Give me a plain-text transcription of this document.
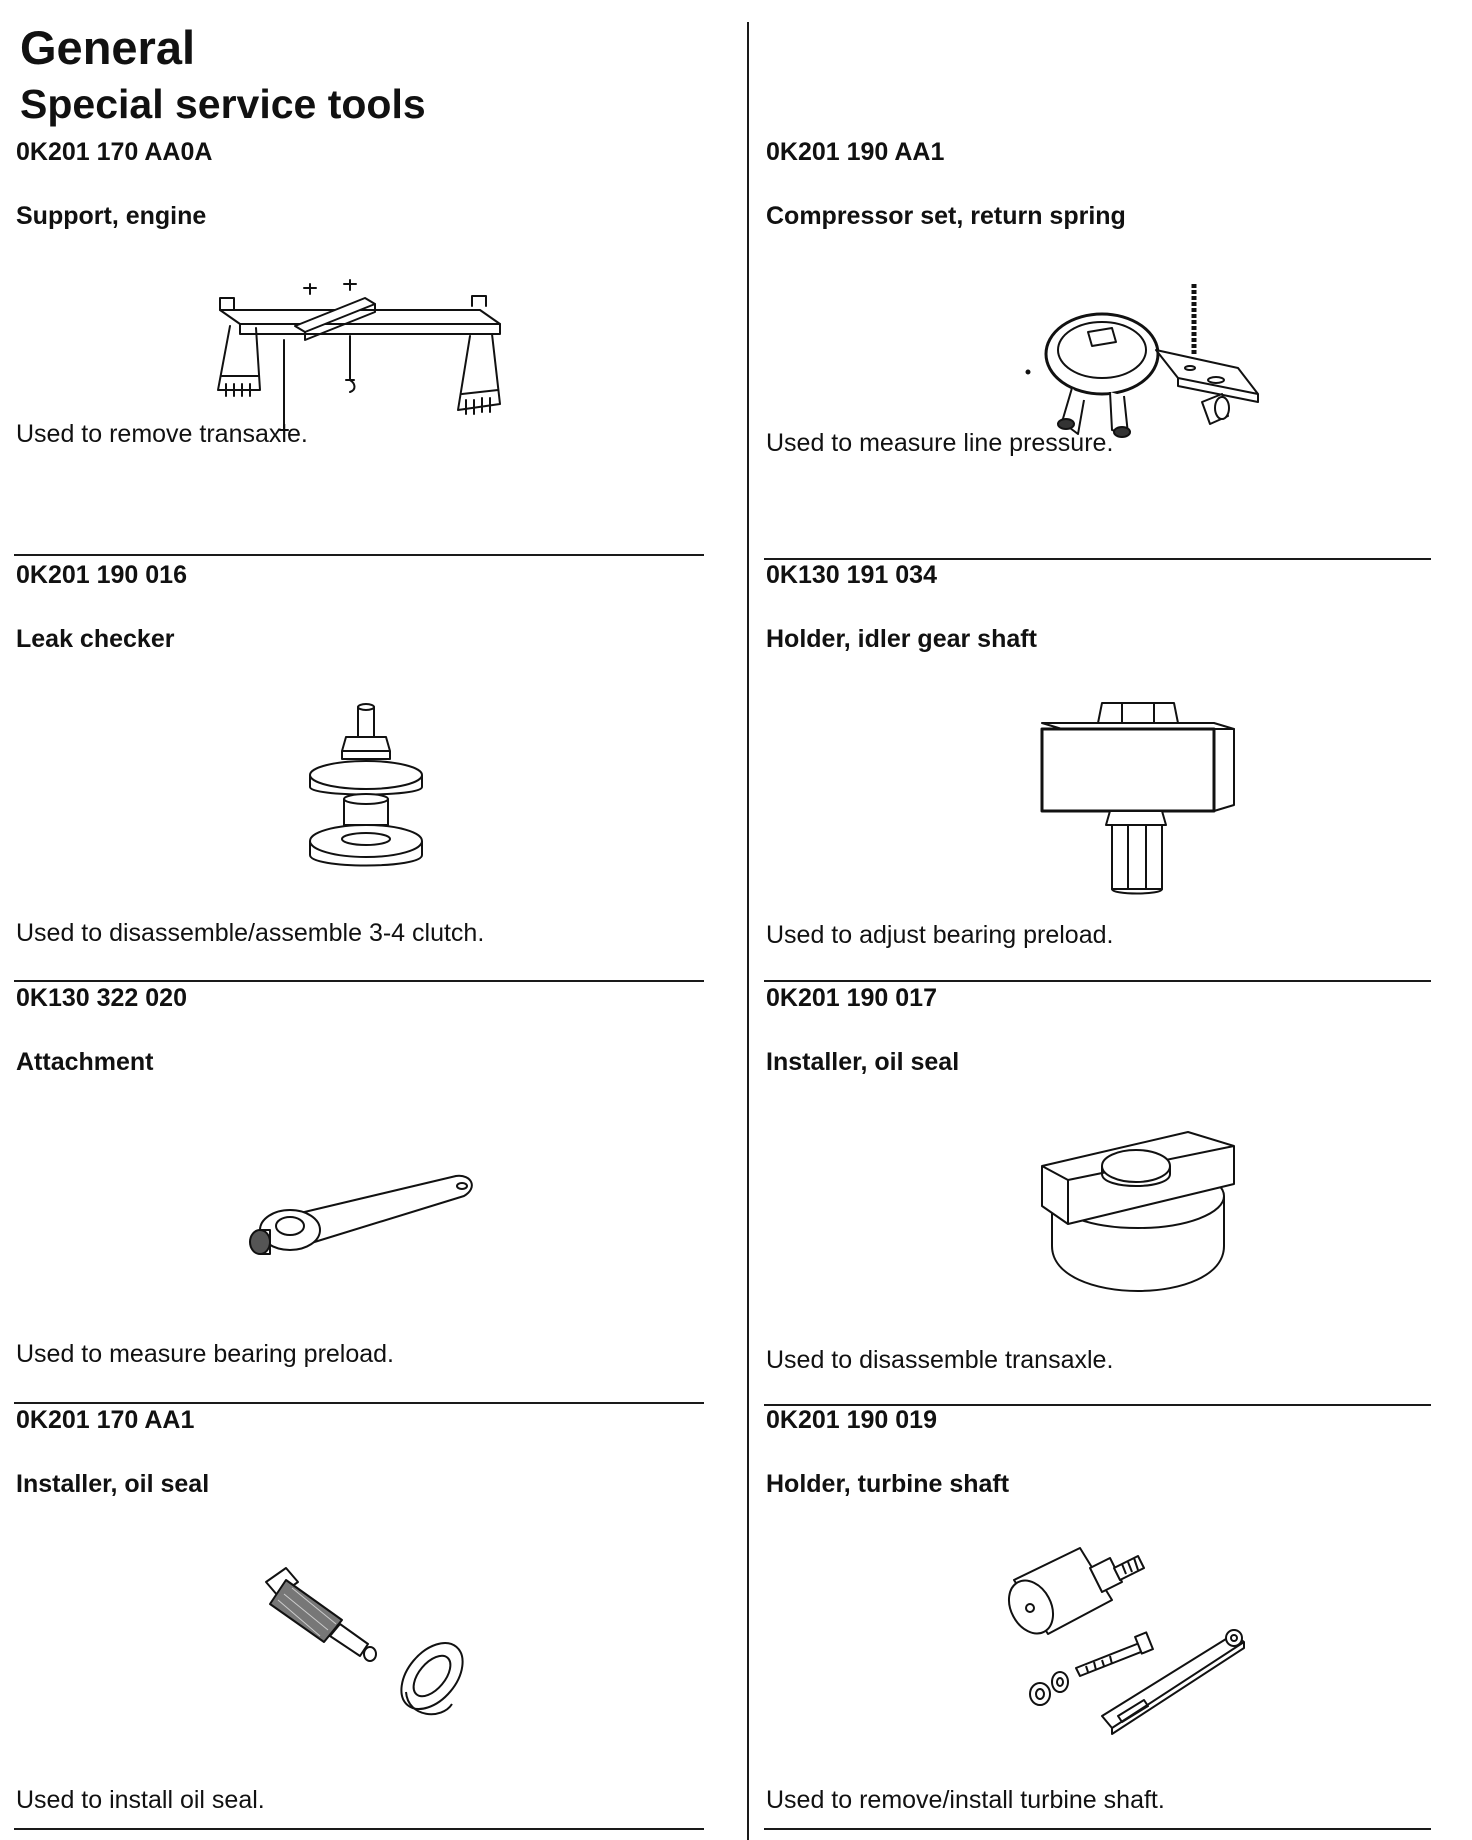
General
Special service tools
0K201 170 AA0A
Support, engine
Used to remove transaxle.
0K201 190 016
Leak checker
Used to disassemble/assemble 3-4 clutch.
0K130 322 020
Attachment
Used to measure bearing preload.
0K201 170 AA1
Installer, oil seal
Used to install oil seal.
0K201 190 AA1
Compressor set, return spring
Used to measure line pressure.
0K130 191 034
Holder, idler gear shaft
Used to adjust bearing preload.
0K201 190 017
Installer, oil seal
Used to disassemble transaxle.
0K201 190 019
Holder, turbine shaft
Used to remove/install turbine shaft.
